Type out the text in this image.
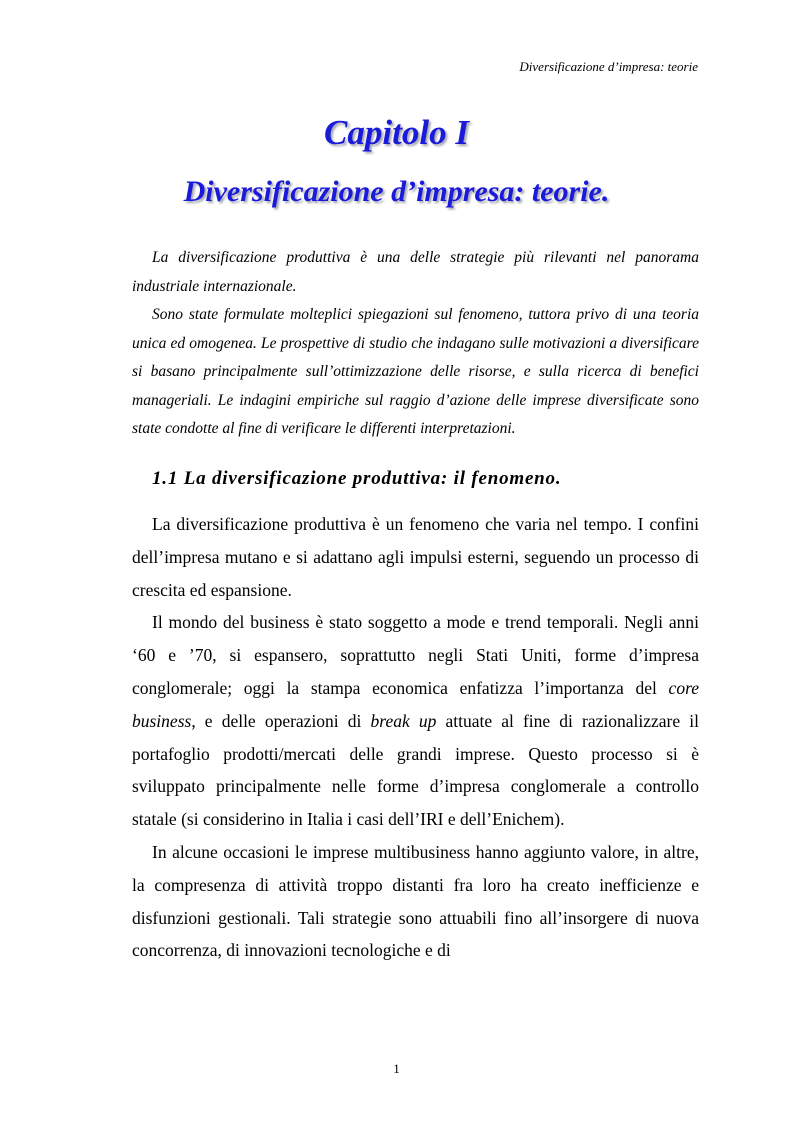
Diversificazione d’impresa: teorie
Capitolo I
Diversificazione d’impresa: teorie.

La diversificazione produttiva è una delle strategie più rilevanti nel panorama industriale internazionale.

Sono state formulate molteplici spiegazioni sul fenomeno, tuttora privo di una teoria unica ed omogenea. Le prospettive di studio che indagano sulle motivazioni a diversificare si basano principalmente sull’ottimizzazione delle risorse, e sulla ricerca di benefici manageriali. Le indagini empiriche sul raggio d’azione delle imprese diversificate sono state condotte al fine di verificare le differenti interpretazioni.

1.1 La diversificazione produttiva: il fenomeno.

La diversificazione produttiva è un fenomeno che varia nel tempo. I confini dell’impresa mutano e si adattano agli impulsi esterni, seguendo un processo di crescita ed espansione.

Il mondo del business è stato soggetto a mode e trend temporali. Negli anni ‘60 e ’70, si espansero, soprattutto negli Stati Uniti, forme d’impresa conglomerale; oggi la stampa economica enfatizza l’importanza del core business, e delle operazioni di break up attuate al fine di razionalizzare il portafoglio prodotti/mercati delle grandi imprese. Questo processo si è sviluppato principalmente nelle forme d’impresa conglomerale a controllo statale (si considerino in Italia i casi dell’IRI e dell’Enichem).

In alcune occasioni le imprese multibusiness hanno aggiunto valore, in altre, la compresenza di attività troppo distanti fra loro ha creato inefficienze e disfunzioni gestionali. Tali strategie sono attuabili fino all’insorgere di nuova concorrenza, di innovazioni tecnologiche e di

1
